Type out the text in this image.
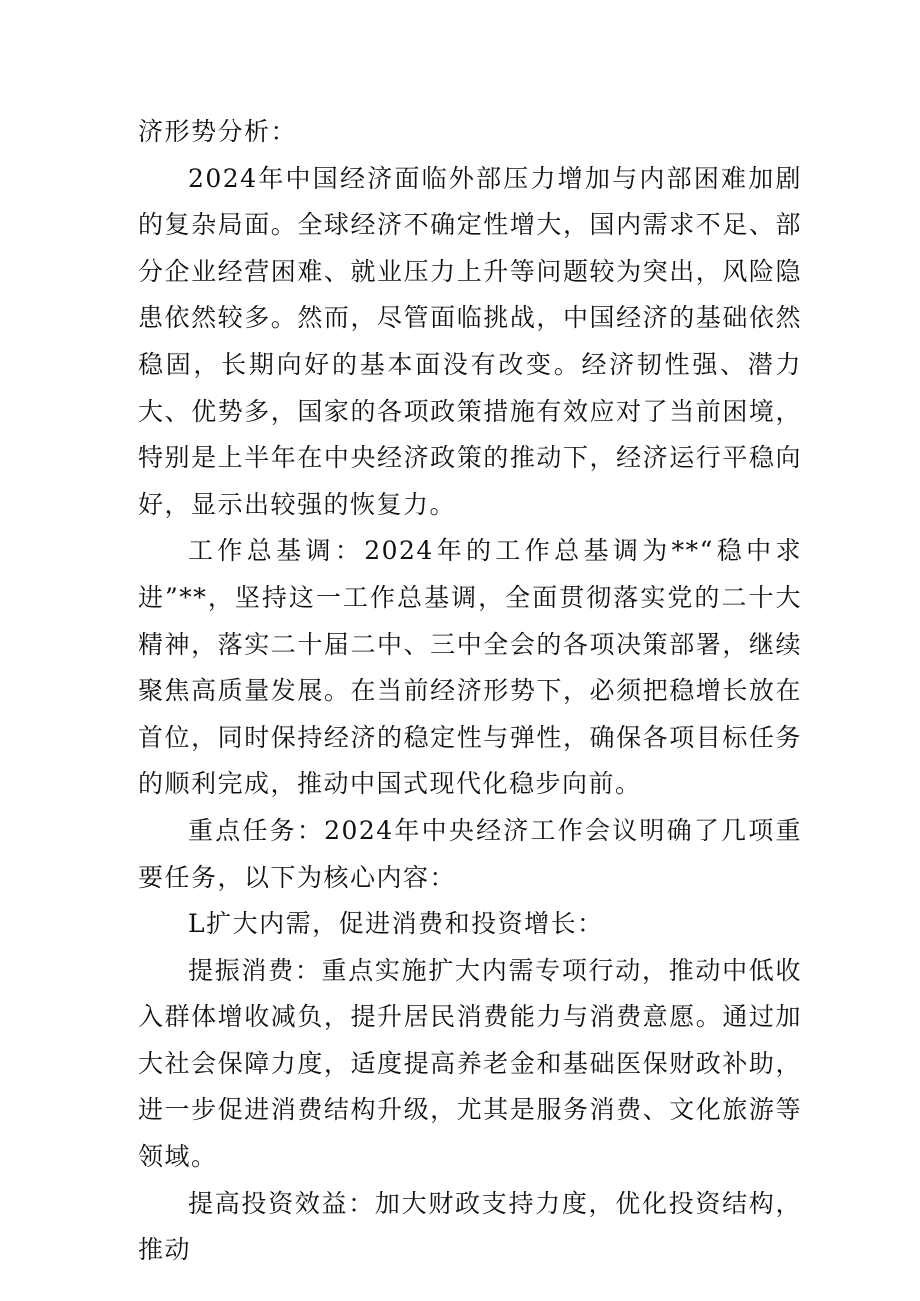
济形势分析：

2024年中国经济面临外部压力增加与内部困难加剧的复杂局面。全球经济不确定性增大，国内需求不足、部分企业经营困难、就业压力上升等问题较为突出，风险隐患依然较多。然而，尽管面临挑战，中国经济的基础依然稳固，长期向好的基本面没有改变。经济韧性强、潜力大、优势多，国家的各项政策措施有效应对了当前困境，特别是上半年在中央经济政策的推动下，经济运行平稳向好，显示出较强的恢复力。

工作总基调：2024年的工作总基调为**“稳中求进”**，坚持这一工作总基调，全面贯彻落实党的二十大精神，落实二十届二中、三中全会的各项决策部署，继续聚焦高质量发展。在当前经济形势下，必须把稳增长放在首位，同时保持经济的稳定性与弹性，确保各项目标任务的顺利完成，推动中国式现代化稳步向前。

重点任务：2024年中央经济工作会议明确了几项重要任务，以下为核心内容：

L扩大内需，促进消费和投资增长：

提振消费：重点实施扩大内需专项行动，推动中低收入群体增收减负，提升居民消费能力与消费意愿。通过加大社会保障力度，适度提高养老金和基础医保财政补助，进一步促进消费结构升级，尤其是服务消费、文化旅游等领域。

提高投资效益：加大财政支持力度，优化投资结构，推动
